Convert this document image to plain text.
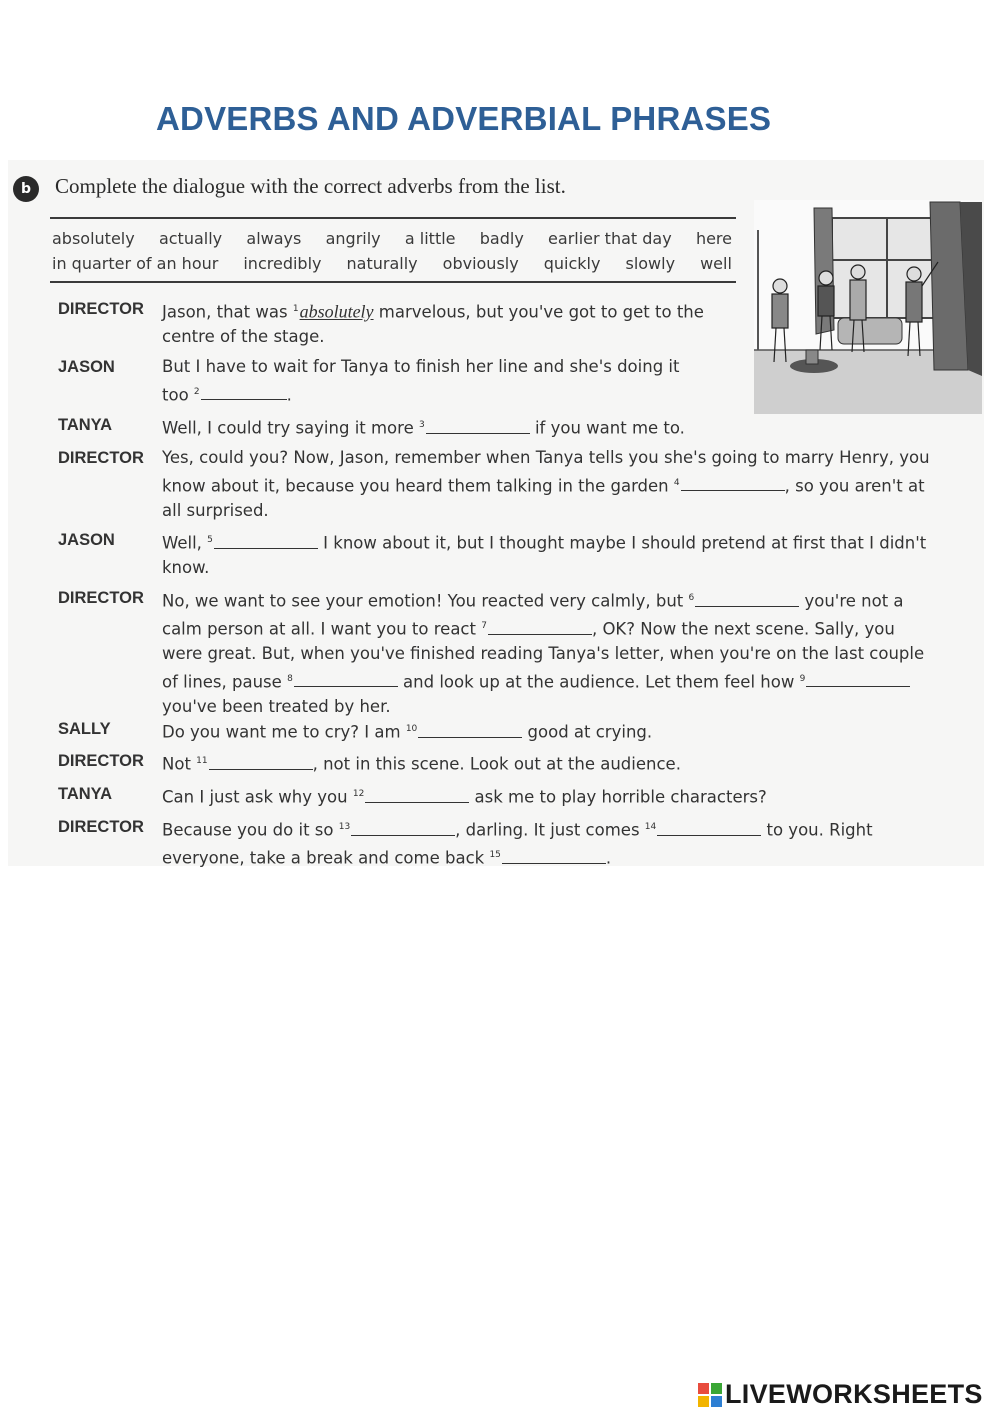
ADVERBS AND ADVERBIAL PHRASES
b	Complete the dialogue with the correct adverbs from the list.
absolutely actually always angrily a little badly earlier that day here
in quarter of an hour incredibly naturally obviously quickly slowly well
DIRECTOR	Jason, that was $^1$absolutely marvelous, but you've got to get to the
centre of the stage.
JASON	But I have to wait for Tanya to finish her line and she's doing it
too $^2$	.
TANYA	Well, I could try saying it more $^3$	if you want me to.
DIRECTOR	Yes, could you? Now, Jason, remember when Tanya tells you she's going to marry Henry, you
know about it, because you heard them talking in the garden $^4$	, so you aren't at
all surprised.
JASON	Well, $^5$	I know about it, but I thought maybe I should pretend at first that I didn't
know.
DIRECTOR	No, we want to see your emotion! You reacted very calmly, but $^6$	you're not a
calm person at all. I want you to react $^7$	, OK? Now the next scene. Sally, you
were great. But, when you've finished reading Tanya's letter, when you're on the last couple
of lines, pause $^8$	and look up at the audience. Let them feel how $^9$
you've been treated by her.
SALLY	Do you want me to cry? I am $^{10}$	good at crying.
DIRECTOR	Not $^{11}$	, not in this scene. Look out at the audience.
TANYA	Can I just ask why you $^{12}$	ask me to play horrible characters?
DIRECTOR	Because you do it so $^{13}$	, darling. It just comes $^{14}$	to you. Right
everyone, take a break and come back $^{15}$	.
LIVEWORKSHEETS
